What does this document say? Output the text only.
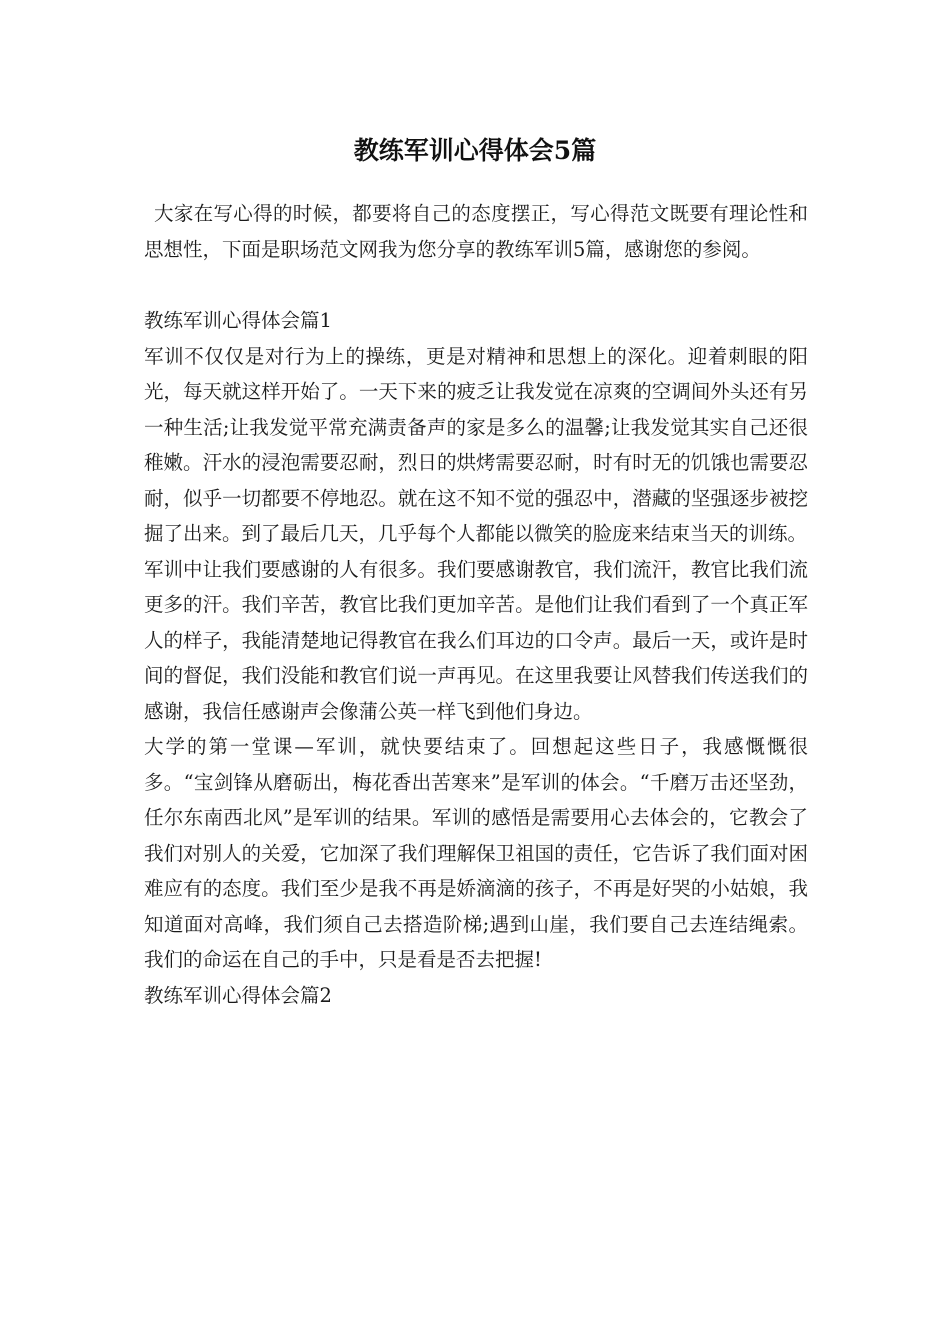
教练军训心得体会5篇

大家在写心得的时候，都要将自己的态度摆正，写心得范文既要有理论性和思想性，下面是职场范文网我为您分享的教练军训5篇，感谢您的参阅。

教练军训心得体会篇1

军训不仅仅是对行为上的操练，更是对精神和思想上的深化。迎着刺眼的阳光，每天就这样开始了。一天下来的疲乏让我发觉在凉爽的空调间外头还有另一种生活;让我发觉平常充满责备声的家是多么的温馨;让我发觉其实自己还很稚嫩。汗水的浸泡需要忍耐，烈日的烘烤需要忍耐，时有时无的饥饿也需要忍耐，似乎一切都要不停地忍。就在这不知不觉的强忍中，潜藏的坚强逐步被挖掘了出来。到了最后几天，几乎每个人都能以微笑的脸庞来结束当天的训练。

军训中让我们要感谢的人有很多。我们要感谢教官，我们流汗，教官比我们流更多的汗。我们辛苦，教官比我们更加辛苦。是他们让我们看到了一个真正军人的样子，我能清楚地记得教官在我么们耳边的口令声。最后一天，或许是时间的督促，我们没能和教官们说一声再见。在这里我要让风替我们传送我们的感谢，我信任感谢声会像蒲公英一样飞到他们身边。

大学的第一堂课—军训，就快要结束了。回想起这些日子，我感慨慨很多。“宝剑锋从磨砺出，梅花香出苦寒来”是军训的体会。“千磨万击还坚劲，任尔东南西北风”是军训的结果。军训的感悟是需要用心去体会的，它教会了我们对别人的关爱，它加深了我们理解保卫祖国的责任，它告诉了我们面对困难应有的态度。我们至少是我不再是娇滴滴的孩子，不再是好哭的小姑娘，我知道面对高峰，我们须自己去搭造阶梯;遇到山崖，我们要自己去连结绳索。我们的命运在自己的手中，只是看是否去把握!

教练军训心得体会篇2
